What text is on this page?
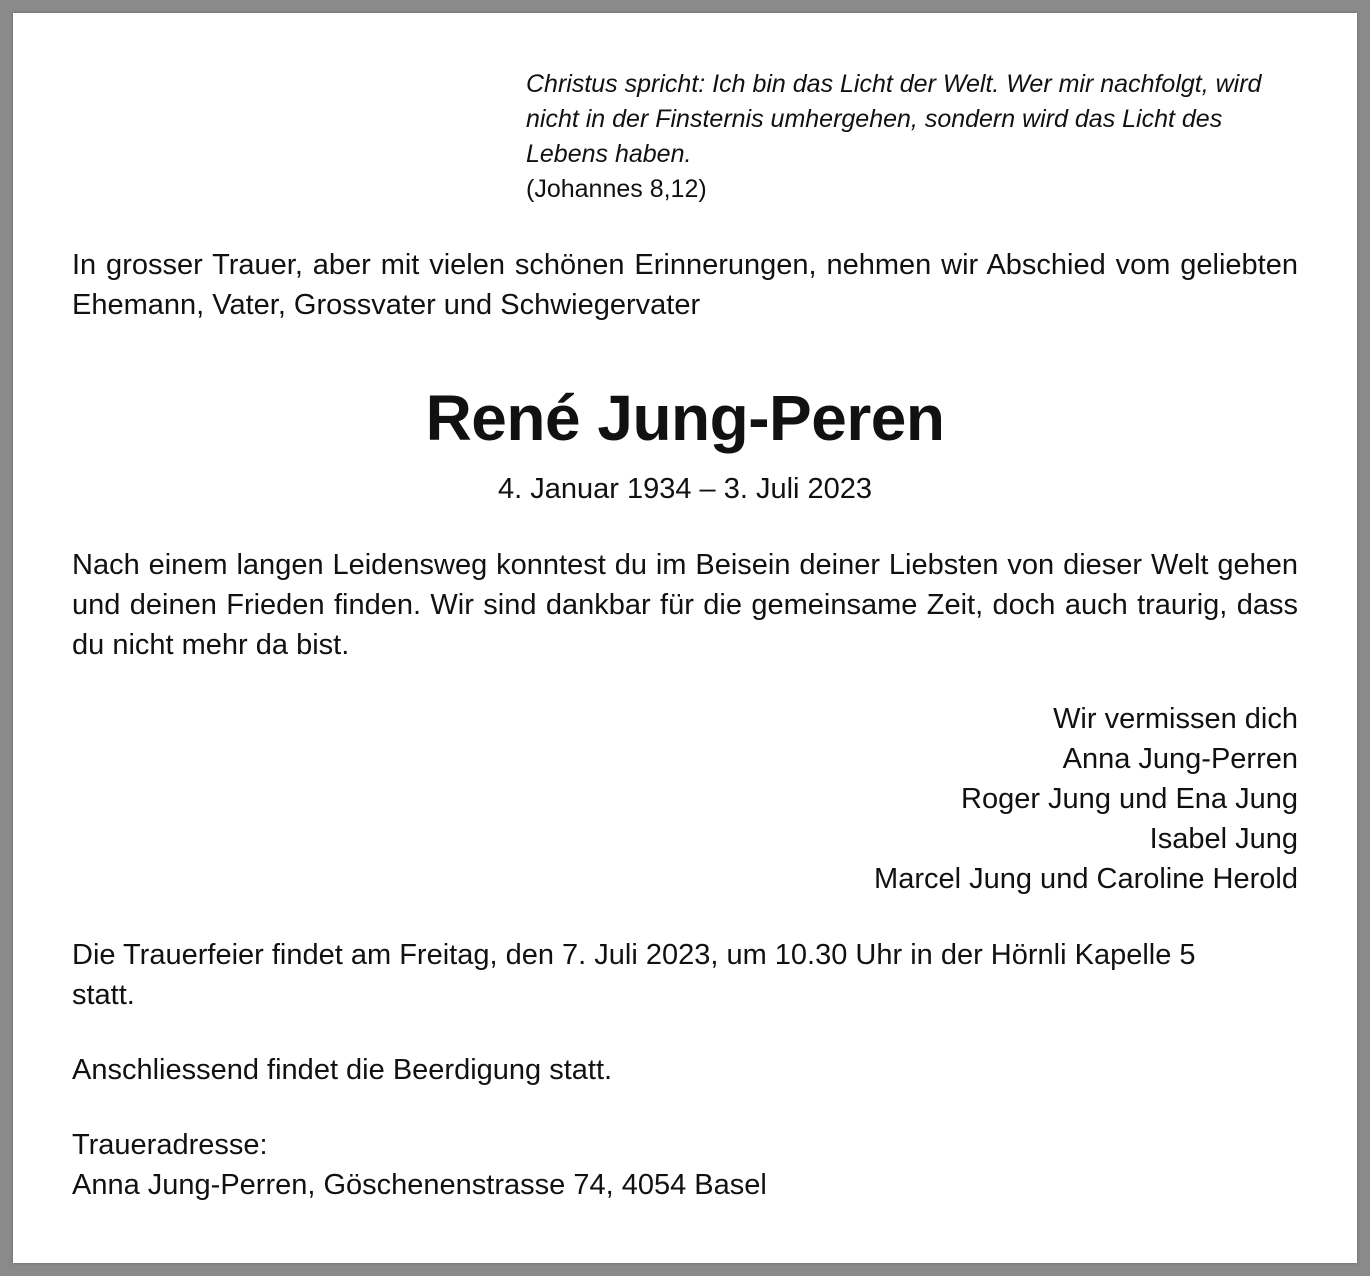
Christus spricht: Ich bin das Licht der Welt. Wer mir nachfolgt, wird nicht in der Finsternis umhergehen, sondern wird das Licht des Lebens haben.

(Johannes 8,12)

In grosser Trauer, aber mit vielen schönen Erinnerungen, nehmen wir Abschied vom geliebten Ehemann, Vater, Grossvater und Schwiegervater

René Jung-Peren

4. Januar 1934 – 3. Juli 2023

Nach einem langen Leidensweg konntest du im Beisein deiner Liebsten von dieser Welt gehen und deinen Frieden finden. Wir sind dankbar für die gemeinsame Zeit, doch auch traurig, dass du nicht mehr da bist.

Wir vermissen dich
Anna Jung-Perren
Roger Jung und Ena Jung
Isabel Jung
Marcel Jung und Caroline Herold

Die Trauerfeier findet am Freitag, den 7. Juli 2023, um 10.30 Uhr in der Hörnli Kapelle 5 statt.

Anschliessend findet die Beerdigung statt.

Traueradresse:
Anna Jung-Perren, Göschenenstrasse 74, 4054 Basel
